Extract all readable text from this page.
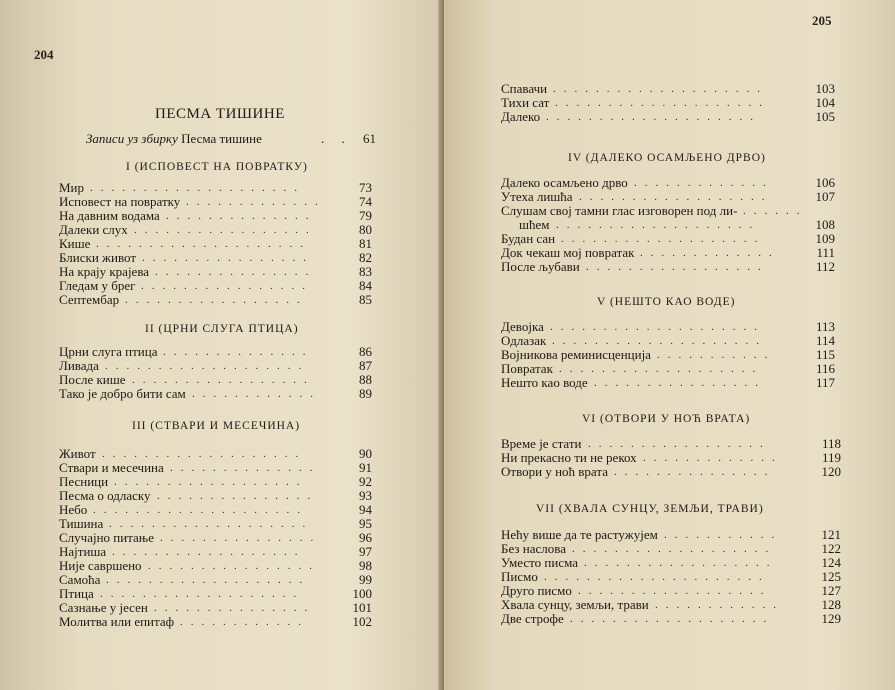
204
ПЕСМА ТИШИНЕ
Записи уз збирку Песма тишине	. . 61
I (ИСПОВЕСТ НА ПОВРАТКУ)
Мир ....................	73
Исповест на повратку .............	74
На давним водама ..............	79
Далеки слух .................	80
Кише ....................	81
Блиски живот ................	82
На крају крајева ...............	83
Гледам у брег ................	84
Септембар .................	85
II (ЦРНИ СЛУГА ПТИЦА)
Црни слуга птица ..............	86
Ливада ...................	87
После кише .................	88
Тако је добро бити сам ............	89
III (СТВАРИ И МЕСЕЧИНА)
Живот ...................	90
Ствари и месечина ..............	91
Песници ..................	92
Песма о одласку ...............	93
Небо ....................	94
Тишина ...................	95
Случајно питање ...............	96
Најтиша ..................	97
Није савршено ................	98
Самоћа ...................	99
Птица ...................	100
Сазнање у јесен ...............	101
Молитва или епитаф ............	102
205
Спавачи ....................	103
Тихи сат ....................	104
Далеко ....................	105
IV (ДАЛЕКО ОСАМЉЕНО ДРВО)
Далеко осамљено дрво .............	106
Утеха лишћа ..................	107
Слушам свој тамни глас изговорен под ли- ......
шћем ...................	108
Будан сан ...................	109
Док чекаш мој повратак .............	111
После љубави .................	112
V (НЕШТО КАО ВОДЕ)
Девојка ....................	113
Одлазак ....................	114
Војникова реминисценција ...........	115
Повратак ...................	116
Нешто као воде ................	117
VI (ОТВОРИ У НОЋ ВРАТА)
Време је стати .................	118
Ни прекасно ти не рекох .............	119
Отвори у ноћ врата ...............	120
VII (ХВАЛА СУНЦУ, ЗЕМЉИ, ТРАВИ)
Нећу више да те растужујем ...........	121
Без наслова ...................	122
Уместо писма ..................	124
Писмо .....................	125
Друго писмо ..................	127
Хвала сунцу, земљи, трави ............	128
Две строфе ...................	129
